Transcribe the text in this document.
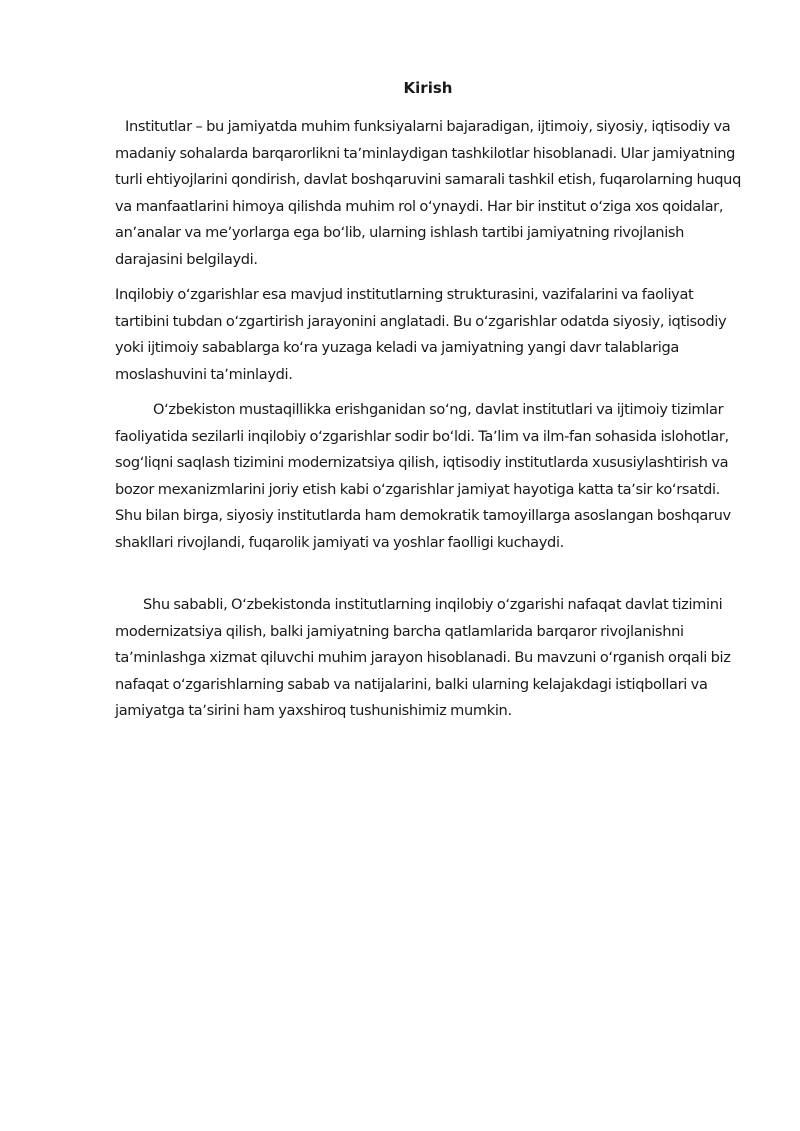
Kirish

Institutlar – bu jamiyatda muhim funksiyalarni bajaradigan, ijtimoiy, siyosiy, iqtisodiy va madaniy sohalarda barqarorlikni taʼminlaydigan tashkilotlar hisoblanadi. Ular jamiyatning turli ehtiyojlarini qondirish, davlat boshqaruvini samarali tashkil etish, fuqarolarning huquq va manfaatlarini himoya qilishda muhim rol oʻynaydi. Har bir institut oʻziga xos qoidalar, anʼanalar va meʼyorlarga ega boʻlib, ularning ishlash tartibi jamiyatning rivojlanish darajasini belgilaydi.

Inqilobiy oʻzgarishlar esa mavjud institutlarning strukturasini, vazifalarini va faoliyat tartibini tubdan oʻzgartirish jarayonini anglatadi. Bu oʻzgarishlar odatda siyosiy, iqtisodiy yoki ijtimoiy sabablarga koʻra yuzaga keladi va jamiyatning yangi davr talablariga moslashuvini taʼminlaydi.

Oʻzbekiston mustaqillikka erishganidan soʻng, davlat institutlari va ijtimoiy tizimlar faoliyatida sezilarli inqilobiy oʻzgarishlar sodir boʻldi. Taʼlim va ilm-fan sohasida islohotlar, sogʻliqni saqlash tizimini modernizatsiya qilish, iqtisodiy institutlarda xususiylashtirish va bozor mexanizmlarini joriy etish kabi oʻzgarishlar jamiyat hayotiga katta taʼsir koʻrsatdi. Shu bilan birga, siyosiy institutlarda ham demokratik tamoyillarga asoslangan boshqaruv shakllari rivojlandi, fuqarolik jamiyati va yoshlar faolligi kuchaydi.

Shu sababli, Oʻzbekistonda institutlarning inqilobiy oʻzgarishi nafaqat davlat tizimini modernizatsiya qilish, balki jamiyatning barcha qatlamlarida barqaror rivojlanishni taʼminlashga xizmat qiluvchi muhim jarayon hisoblanadi. Bu mavzuni oʻrganish orqali biz nafaqat oʻzgarishlarning sabab va natijalarini, balki ularning kelajakdagi istiqbollari va jamiyatga taʼsirini ham yaxshiroq tushunishimiz mumkin.
